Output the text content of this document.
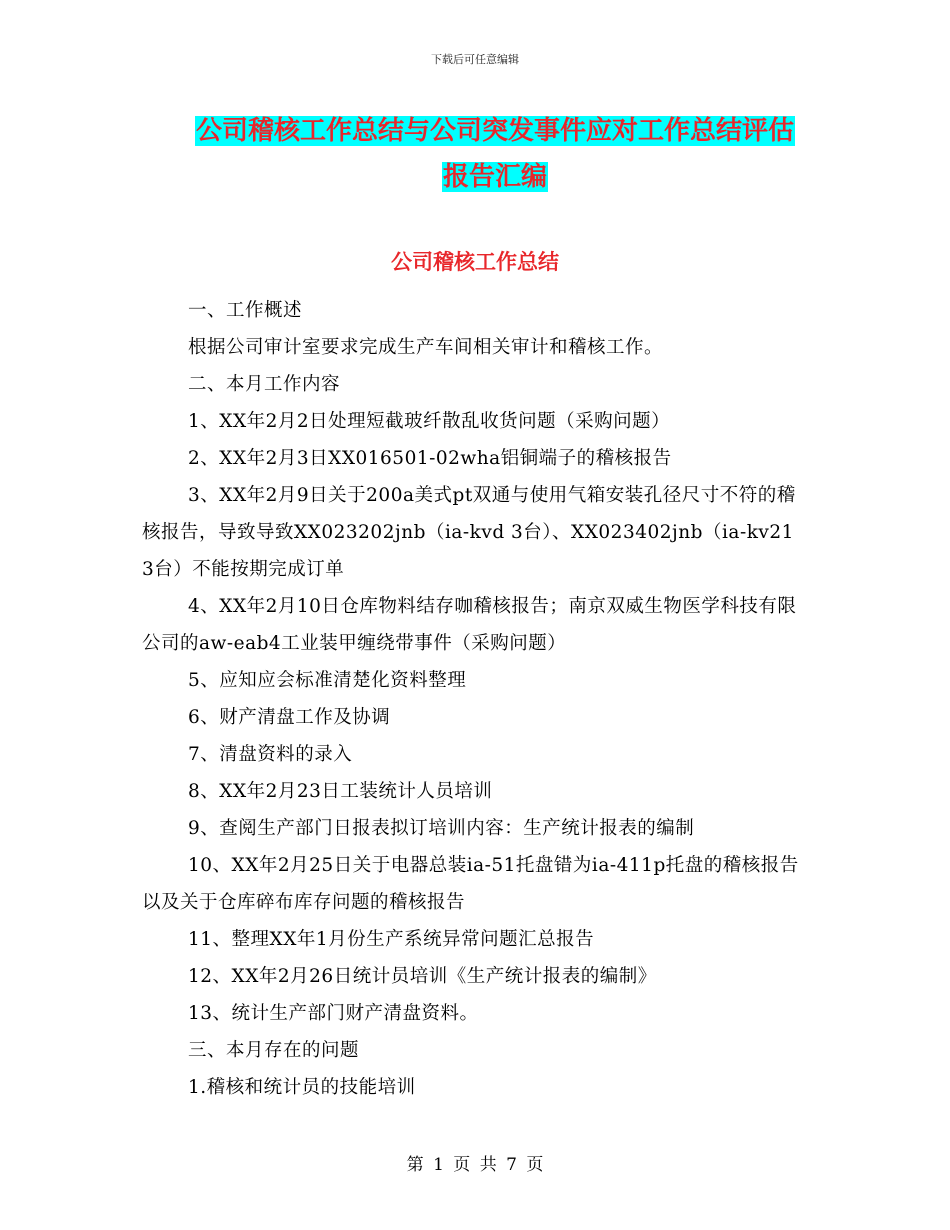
下载后可任意编辑
公司稽核工作总结与公司突发事件应对工作总结评估
报告汇编
公司稽核工作总结

一、工作概述

根据公司审计室要求完成生产车间相关审计和稽核工作。

二、本月工作内容

1、XX年2月2日处理短截玻纤散乱收货问题（采购问题）

2、XX年2月3日XX016501-02wha铝铜端子的稽核报告

3、XX年2月9日关于200a美式pt双通与使用气箱安装孔径尺寸不符的稽核报告，导致导致XX023202jnb（ia-kvd 3台）、XX023402jnb（ia-kv21 3台）不能按期完成订单

4、XX年2月10日仓库物料结存咖稽核报告；南京双威生物医学科技有限公司的aw-eab4工业装甲缠绕带事件（采购问题）

5、应知应会标准清楚化资料整理

6、财产清盘工作及协调

7、清盘资料的录入

8、XX年2月23日工装统计人员培训

9、查阅生产部门日报表拟订培训内容：生产统计报表的编制

10、XX年2月25日关于电器总装ia-51托盘错为ia-411p托盘的稽核报告以及关于仓库碎布库存问题的稽核报告

11、整理XX年1月份生产系统异常问题汇总报告

12、XX年2月26日统计员培训《生产统计报表的编制》

13、统计生产部门财产清盘资料。

三、本月存在的问题

1.稽核和统计员的技能培训

第 1 页 共 7 页
